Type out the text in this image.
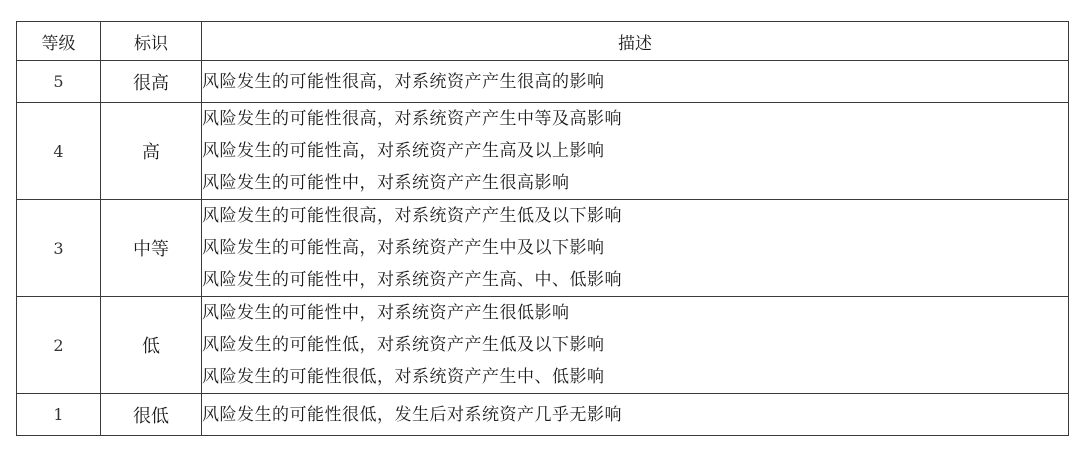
等级	标识	描述
5	很高	风险发生的可能性很高，对系统资产产生很高的影响

4	高	风险发生的可能性很高，对系统资产产生中等及高影响
风险发生的可能性高，对系统资产产生高及以上影响
风险发生的可能性中，对系统资产产生很高影响

3	中等	风险发生的可能性很高，对系统资产产生低及以下影响
风险发生的可能性高，对系统资产产生中及以下影响
风险发生的可能性中，对系统资产产生高、中、低影响

2	低	风险发生的可能性中，对系统资产产生很低影响
风险发生的可能性低，对系统资产产生低及以下影响
风险发生的可能性很低，对系统资产产生中、低影响

1	很低	风险发生的可能性很低，发生后对系统资产几乎无影响
